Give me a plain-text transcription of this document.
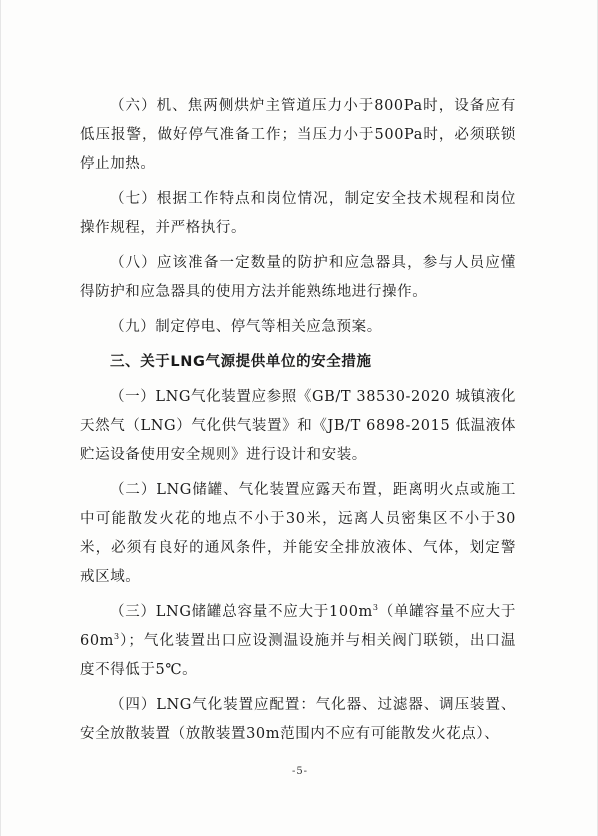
（六）机、焦两侧烘炉主管道压力小于800Pa时，设备应有低压报警，做好停气准备工作；当压力小于500Pa时，必须联锁停止加热。

（七）根据工作特点和岗位情况，制定安全技术规程和岗位操作规程，并严格执行。

（八）应该准备一定数量的防护和应急器具，参与人员应懂得防护和应急器具的使用方法并能熟练地进行操作。

（九）制定停电、停气等相关应急预案。

三、关于LNG气源提供单位的安全措施

（一）LNG气化装置应参照《GB/T 38530-2020 城镇液化天然气（LNG）气化供气装置》和《JB/T 6898-2015 低温液体贮运设备使用安全规则》进行设计和安装。

（二）LNG储罐、气化装置应露天布置，距离明火点或施工中可能散发火花的地点不小于30米，远离人员密集区不小于30米，必须有良好的通风条件，并能安全排放液体、气体，划定警戒区域。

（三）LNG储罐总容量不应大于$100m^3$（单罐容量不应大于$60m^3$）；气化装置出口应设测温设施并与相关阀门联锁，出口温度不得低于5℃。

（四）LNG气化装置应配置：气化器、过滤器、调压装置、安全放散装置（放散装置30m范围内不应有可能散发火花点）、

-5-
